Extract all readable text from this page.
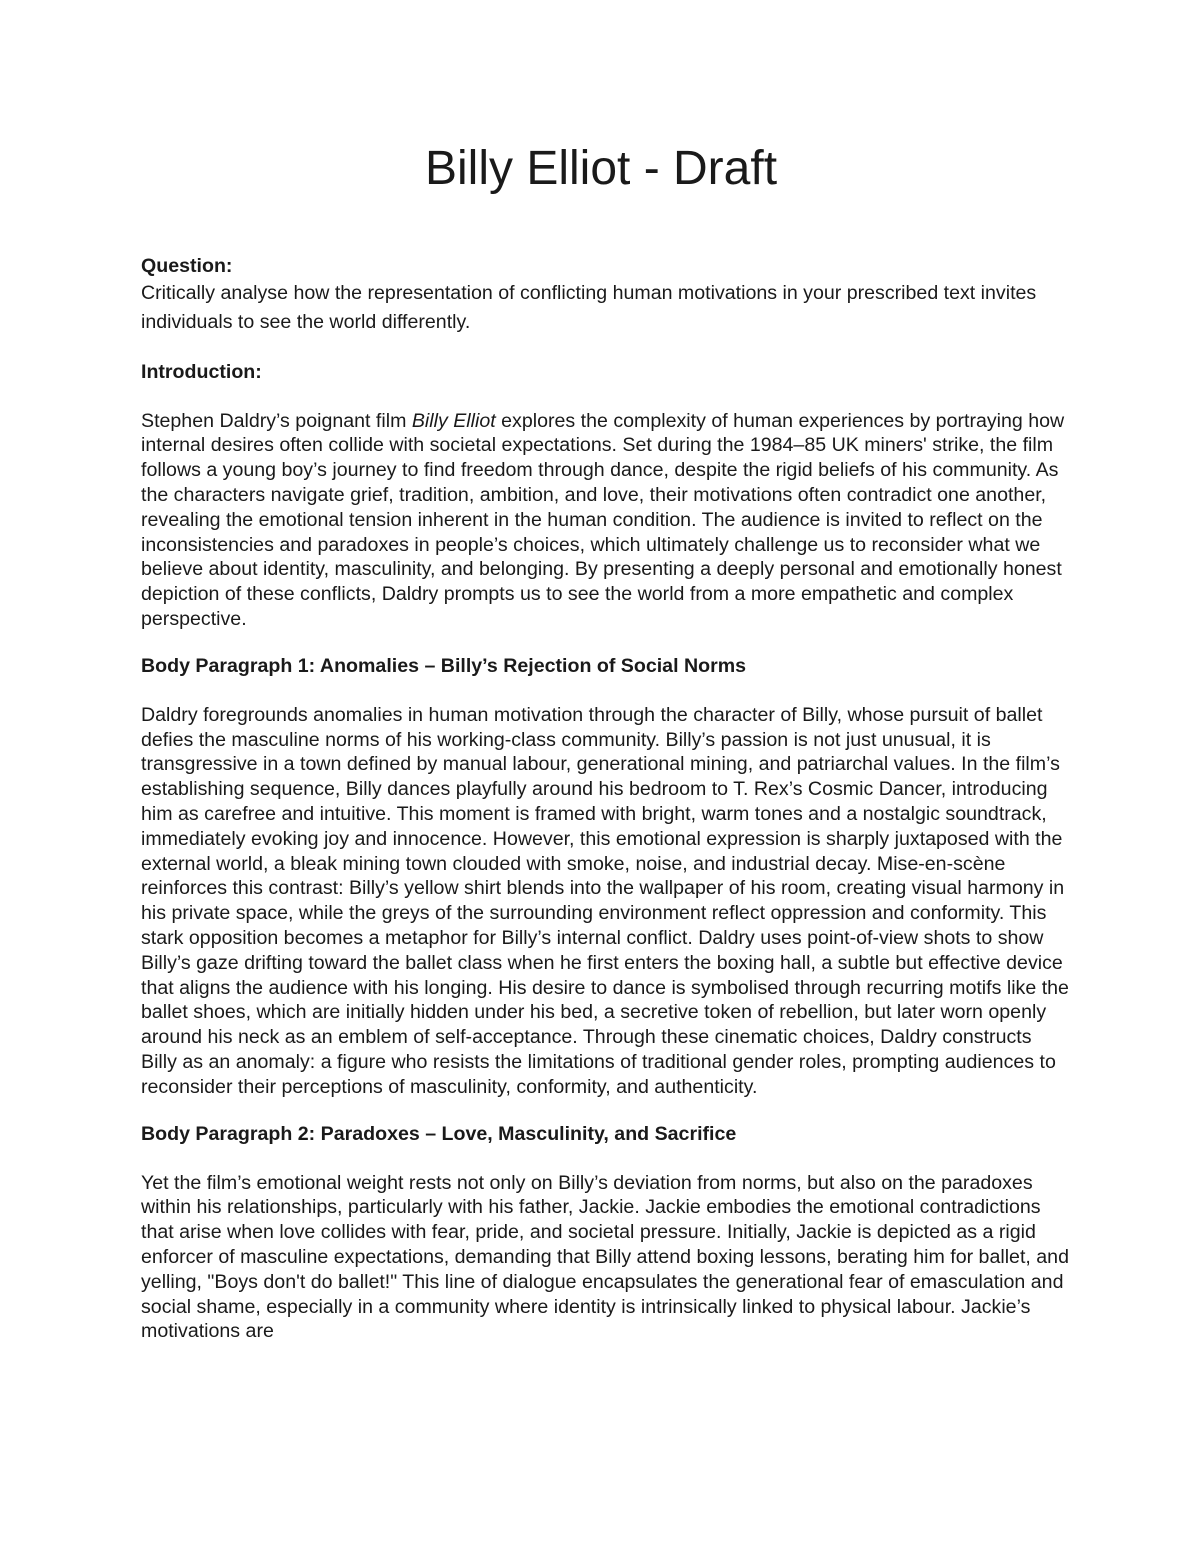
Billy Elliot - Draft
Question:

Critically analyse how the representation of conflicting human motivations in your prescribed text invites individuals to see the world differently.

Introduction:

Stephen Daldry’s poignant film Billy Elliot explores the complexity of human experiences by portraying how internal desires often collide with societal expectations. Set during the 1984–85 UK miners' strike, the film follows a young boy’s journey to find freedom through dance, despite the rigid beliefs of his community. As the characters navigate grief, tradition, ambition, and love, their motivations often contradict one another, revealing the emotional tension inherent in the human condition. The audience is invited to reflect on the inconsistencies and paradoxes in people’s choices, which ultimately challenge us to reconsider what we believe about identity, masculinity, and belonging. By presenting a deeply personal and emotionally honest depiction of these conflicts, Daldry prompts us to see the world from a more empathetic and complex perspective.

Body Paragraph 1: Anomalies – Billy’s Rejection of Social Norms

Daldry foregrounds anomalies in human motivation through the character of Billy, whose pursuit of ballet defies the masculine norms of his working-class community. Billy’s passion is not just unusual, it is transgressive in a town defined by manual labour, generational mining, and patriarchal values. In the film’s establishing sequence, Billy dances playfully around his bedroom to T. Rex’s Cosmic Dancer, introducing him as carefree and intuitive. This moment is framed with bright, warm tones and a nostalgic soundtrack, immediately evoking joy and innocence. However, this emotional expression is sharply juxtaposed with the external world, a bleak mining town clouded with smoke, noise, and industrial decay. Mise-en-scène reinforces this contrast: Billy’s yellow shirt blends into the wallpaper of his room, creating visual harmony in his private space, while the greys of the surrounding environment reflect oppression and conformity. This stark opposition becomes a metaphor for Billy’s internal conflict. Daldry uses point-of-view shots to show Billy’s gaze drifting toward the ballet class when he first enters the boxing hall, a subtle but effective device that aligns the audience with his longing. His desire to dance is symbolised through recurring motifs like the ballet shoes, which are initially hidden under his bed, a secretive token of rebellion, but later worn openly around his neck as an emblem of self-acceptance. Through these cinematic choices, Daldry constructs Billy as an anomaly: a figure who resists the limitations of traditional gender roles, prompting audiences to reconsider their perceptions of masculinity, conformity, and authenticity.

Body Paragraph 2: Paradoxes – Love, Masculinity, and Sacrifice

Yet the film’s emotional weight rests not only on Billy’s deviation from norms, but also on the paradoxes within his relationships, particularly with his father, Jackie. Jackie embodies the emotional contradictions that arise when love collides with fear, pride, and societal pressure. Initially, Jackie is depicted as a rigid enforcer of masculine expectations, demanding that Billy attend boxing lessons, berating him for ballet, and yelling, "Boys don't do ballet!" This line of dialogue encapsulates the generational fear of emasculation and social shame, especially in a community where identity is intrinsically linked to physical labour. Jackie’s motivations are
